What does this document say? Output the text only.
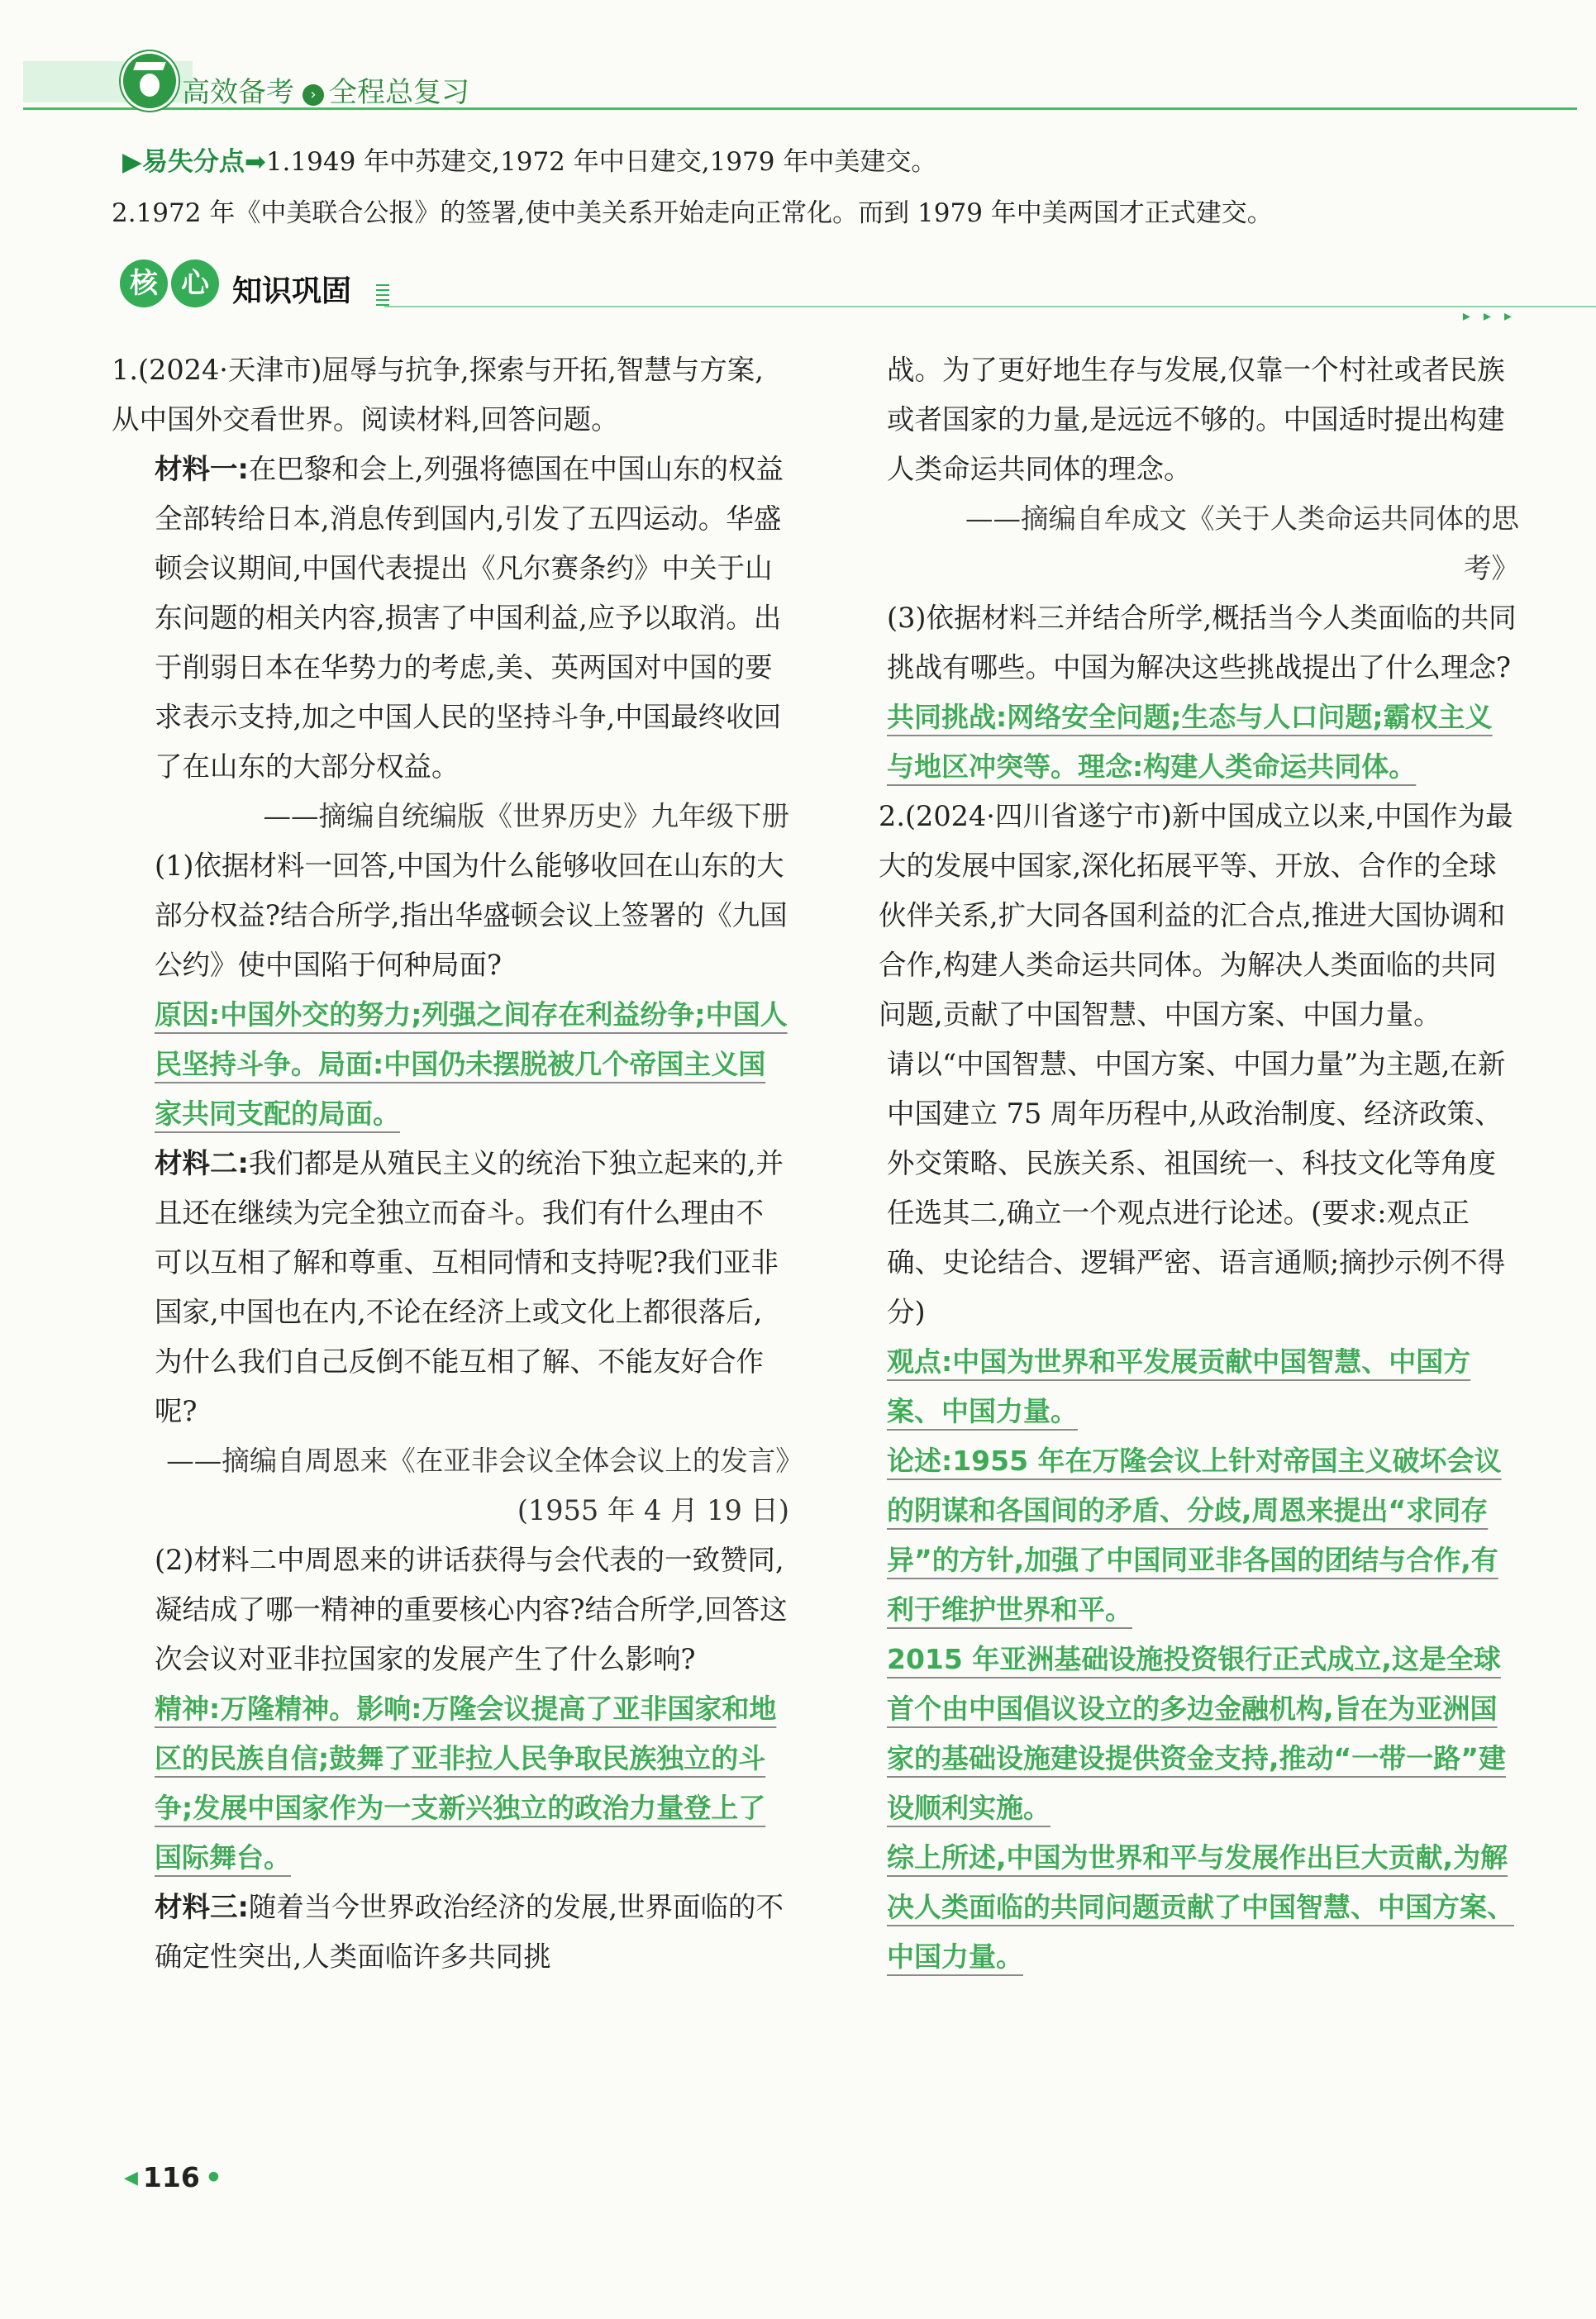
高效备考 › 全程总复习
▶易失分点➡1.1949 年中苏建交,1972 年中日建交,1979 年中美建交。
2.1972 年《中美联合公报》的签署,使中美关系开始走向正常化。而到 1979 年中美两国才正式建交。
核 心 知识巩固
▸▸▸

1.(2024·天津市)屈辱与抗争,探索与开拓,智慧与方案,从中国外交看世界。阅读材料,回答问题。

材料一:在巴黎和会上,列强将德国在中国山东的权益全部转给日本,消息传到国内,引发了五四运动。华盛顿会议期间,中国代表提出《凡尔赛条约》中关于山东问题的相关内容,损害了中国利益,应予以取消。出于削弱日本在华势力的考虑,美、英两国对中国的要求表示支持,加之中国人民的坚持斗争,中国最终收回了在山东的大部分权益。

——摘编自统编版《世界历史》九年级下册

(1)依据材料一回答,中国为什么能够收回在山东的大部分权益?结合所学,指出华盛顿会议上签署的《九国公约》使中国陷于何种局面?

原因:中国外交的努力;列强之间存在利益纷争;中国人民坚持斗争。局面:中国仍未摆脱被几个帝国主义国家共同支配的局面。

材料二:我们都是从殖民主义的统治下独立起来的,并且还在继续为完全独立而奋斗。我们有什么理由不可以互相了解和尊重、互相同情和支持呢?我们亚非国家,中国也在内,不论在经济上或文化上都很落后,为什么我们自己反倒不能互相了解、不能友好合作呢?

——摘编自周恩来《在亚非会议全体会议上的发言》(1955 年 4 月 19 日)

(2)材料二中周恩来的讲话获得与会代表的一致赞同,凝结成了哪一精神的重要核心内容?结合所学,回答这次会议对亚非拉国家的发展产生了什么影响?

精神:万隆精神。影响:万隆会议提高了亚非国家和地区的民族自信;鼓舞了亚非拉人民争取民族独立的斗争;发展中国家作为一支新兴独立的政治力量登上了国际舞台。

材料三:随着当今世界政治经济的发展,世界面临的不确定性突出,人类面临许多共同挑

战。为了更好地生存与发展,仅靠一个村社或者民族或者国家的力量,是远远不够的。中国适时提出构建人类命运共同体的理念。

——摘编自牟成文《关于人类命运共同体的思考》

(3)依据材料三并结合所学,概括当今人类面临的共同挑战有哪些。中国为解决这些挑战提出了什么理念?

共同挑战:网络安全问题;生态与人口问题;霸权主义与地区冲突等。理念:构建人类命运共同体。

2.(2024·四川省遂宁市)新中国成立以来,中国作为最大的发展中国家,深化拓展平等、开放、合作的全球伙伴关系,扩大同各国利益的汇合点,推进大国协调和合作,构建人类命运共同体。为解决人类面临的共同问题,贡献了中国智慧、中国方案、中国力量。

请以“中国智慧、中国方案、中国力量”为主题,在新中国建立 75 周年历程中,从政治制度、经济政策、外交策略、民族关系、祖国统一、科技文化等角度任选其二,确立一个观点进行论述。(要求:观点正确、史论结合、逻辑严密、语言通顺;摘抄示例不得分)

观点:中国为世界和平发展贡献中国智慧、中国方案、中国力量。

论述:1955 年在万隆会议上针对帝国主义破坏会议的阴谋和各国间的矛盾、分歧,周恩来提出“求同存异”的方针,加强了中国同亚非各国的团结与合作,有利于维护世界和平。

2015 年亚洲基础设施投资银行正式成立,这是全球首个由中国倡议设立的多边金融机构,旨在为亚洲国家的基础设施建设提供资金支持,推动“一带一路”建设顺利实施。

综上所述,中国为世界和平与发展作出巨大贡献,为解决人类面临的共同问题贡献了中国智慧、中国方案、中国力量。

◀ 116 •
